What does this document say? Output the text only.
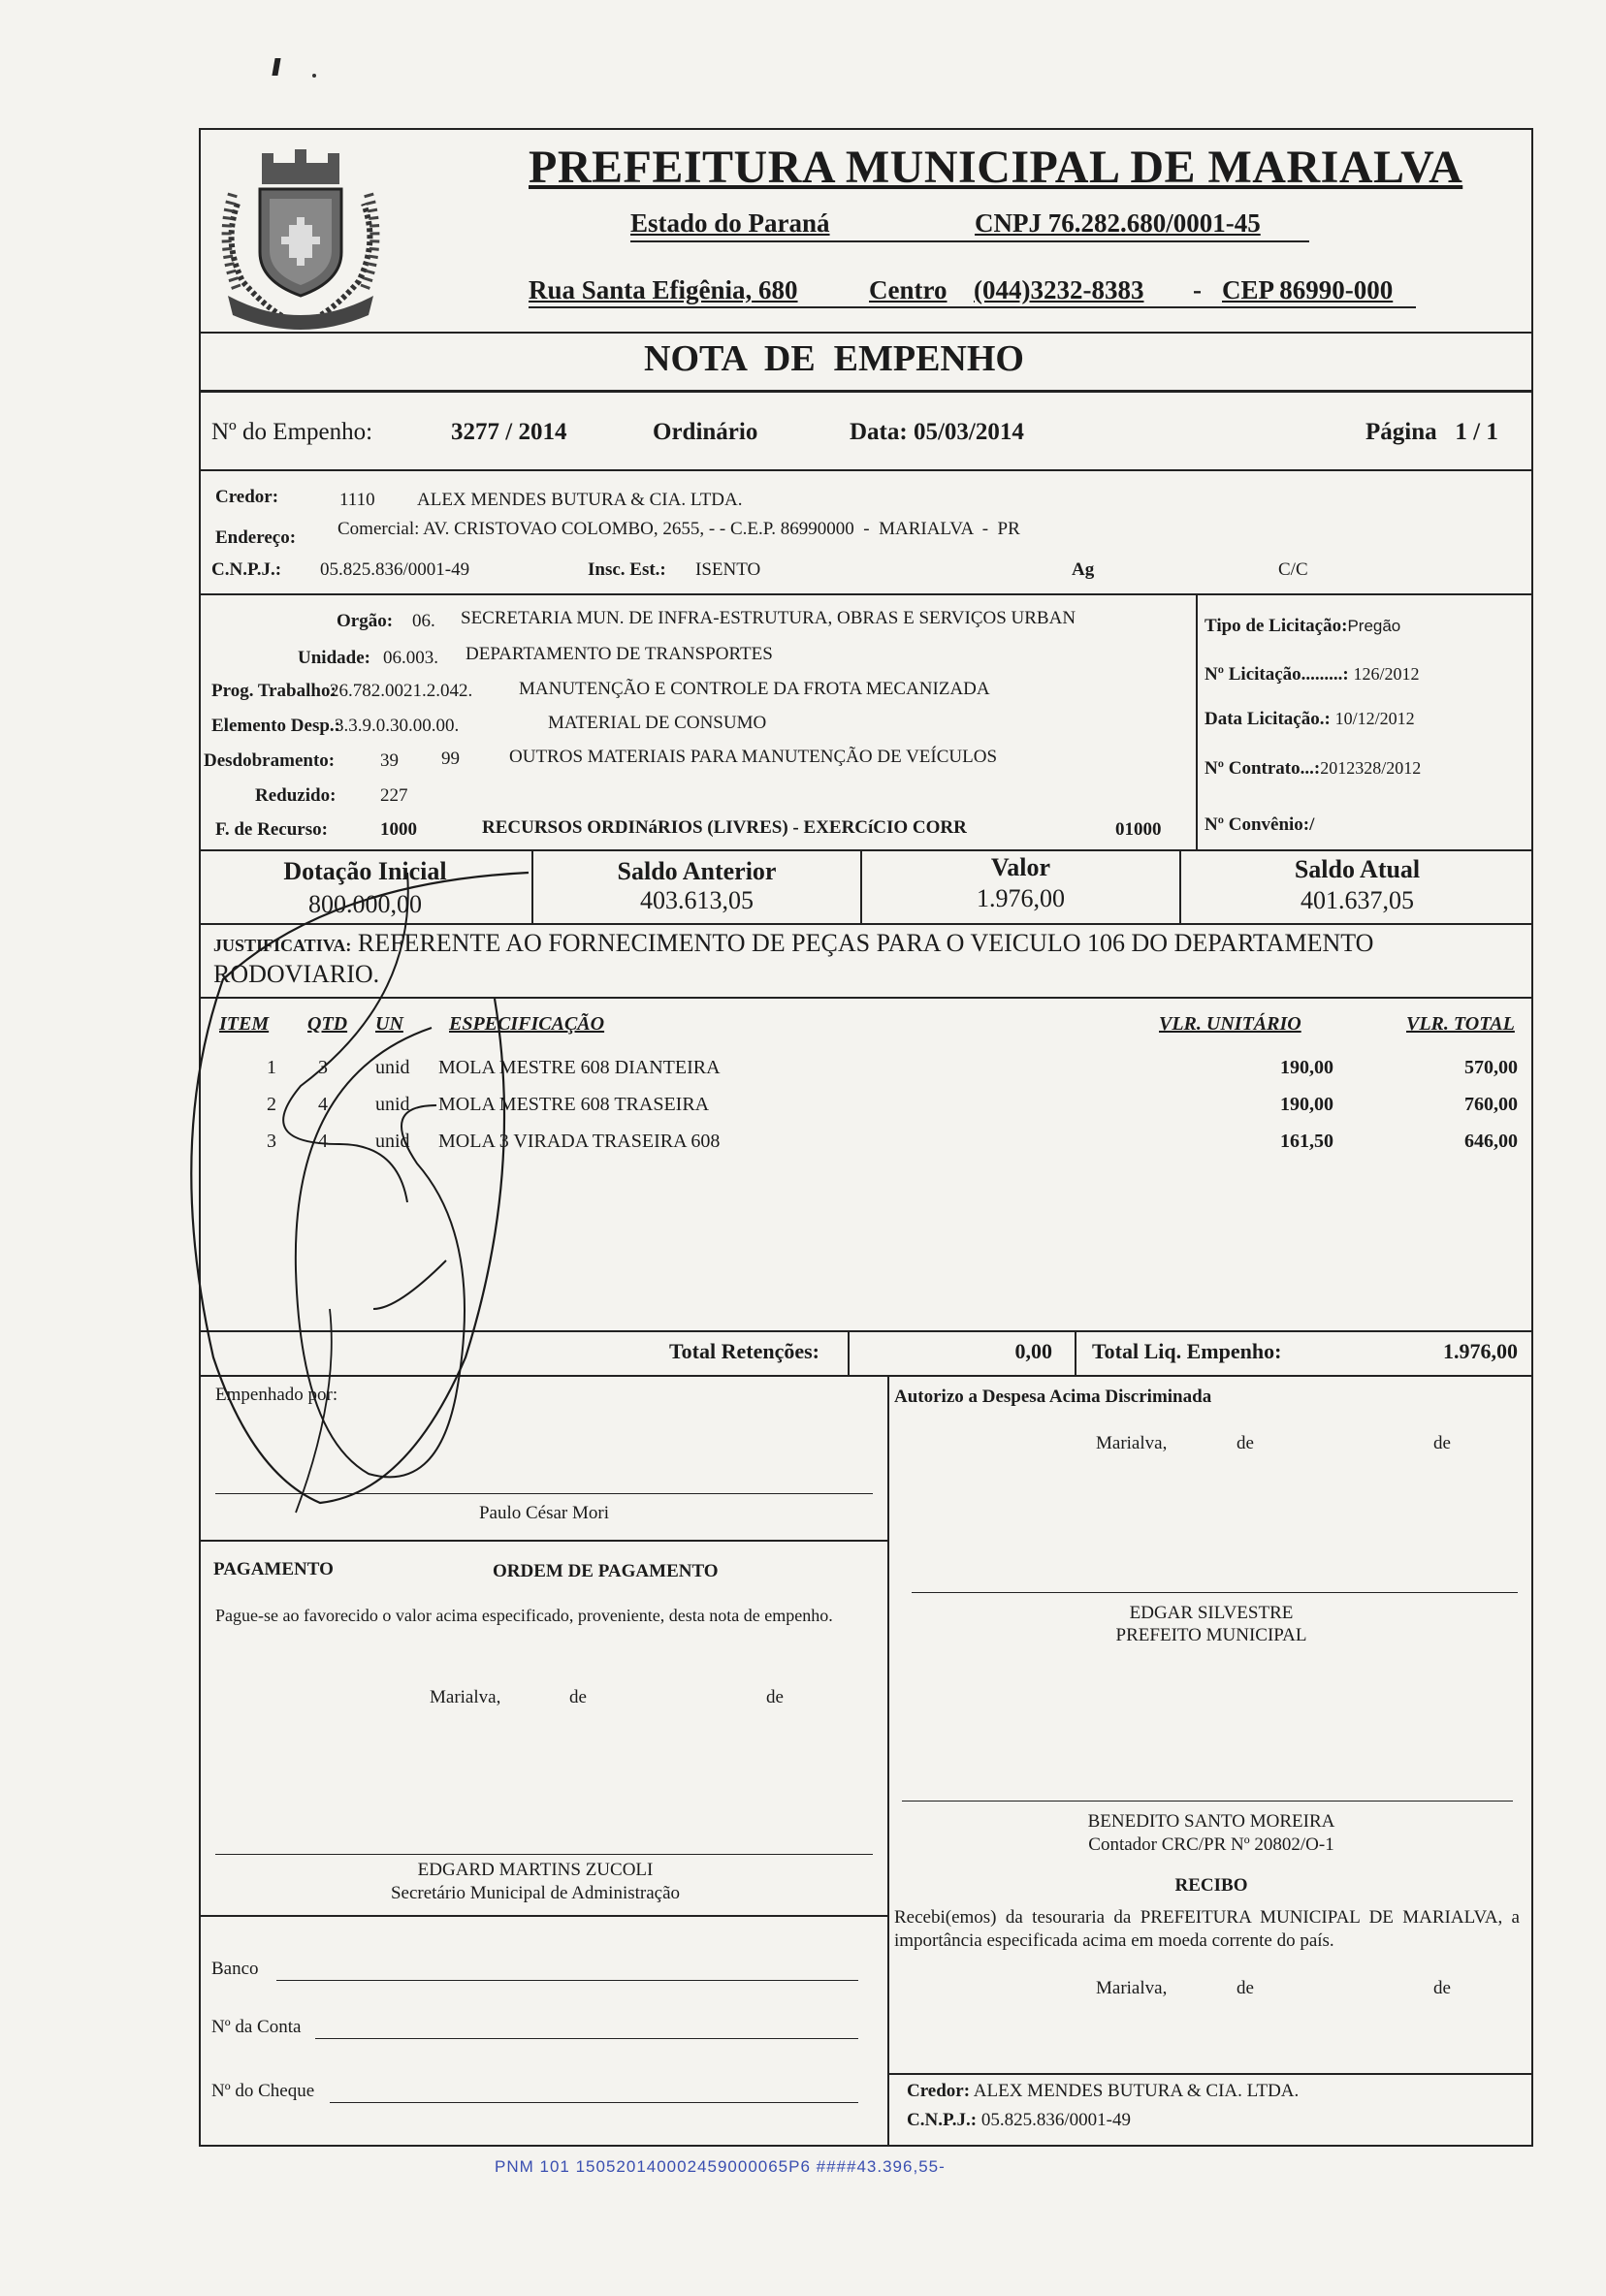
PREFEITURA MUNICIPAL DE MARIALVA
Estado do Paraná	CNPJ 76.282.680/0001-45
Rua Santa Efigênia, 680	Centro (044)3232-8383 - CEP 86990-000
NOTA  DE  EMPENHO
Nº do Empenho:	3277 / 2014	Ordinário	Data: 05/03/2014	Página   1 / 1
Credor:	1110 ALEX MENDES BUTURA & CIA. LTDA.
Endereço: Comercial: AV. CRISTOVAO COLOMBO, 2655, - - C.E.P. 86990000  -  MARIALVA  -  PR
C.N.P.J.: 05.825.836/0001-49	Insc. Est.: ISENTO	Ag	C/C
Orgão: 06. SECRETARIA MUN. DE INFRA-ESTRUTURA, OBRAS E SERVIÇOS URBAN
Unidade: 06.003. DEPARTAMENTO DE TRANSPORTES
Prog. Trabalho:
26.782.0021.2.042.	MANUTENÇÃO E CONTROLE DA FROTA MECANIZADA
Elemento Desp.:
3.3.9.0.30.00.00.	MATERIAL DE CONSUMO
Desdobramento: 39 99	OUTROS MATERIAIS PARA MANUTENÇÃO DE VEÍCULOS
Reduzido: 227
F. de Recurso:	1000	RECURSOS ORDINáRIOS (LIVRES) - EXERCíCIO CORR	01000
Tipo de Licitação:Pregão
Nº Licitação.........: 126/2012
Data Licitação.: 10/12/2012
Nº Contrato...:2012328/2012
Nº Convênio:/
Dotação Inicial
800.000,00
Saldo Anterior
403.613,05
Valor
1.976,00
Saldo Atual
401.637,05
JUSTIFICATIVA: REFERENTE AO FORNECIMENTO DE PEÇAS PARA O VEICULO 106 DO DEPARTAMENTO
RODOVIARIO.
ITEM QTD UN ESPECIFICAÇÃO	VLR. UNITÁRIO	VLR. TOTAL
1 3 unid MOLA MESTRE 608 DIANTEIRA	190,00	570,00
2 4 unid MOLA MESTRE 608 TRASEIRA	190,00	760,00
3 4 unid MOLA 3 VIRADA TRASEIRA 608	161,50	646,00
Total Retenções:	0,00 Total Liq. Empenho:	1.976,00
Empenhado por:
Paulo César Mori
Autorizo a Despesa Acima Discriminada
Marialva,	de	de
PAGAMENTO	ORDEM DE PAGAMENTO
Pague-se ao favorecido o valor acima especificado, proveniente, desta nota de empenho.
Marialva,	de	de
EDGARD MARTINS ZUCOLI
Secretário Municipal de Administração
Banco
Nº da Conta
Nº do Cheque
EDGAR SILVESTRE
PREFEITO MUNICIPAL
BENEDITO SANTO MOREIRA
Contador CRC/PR Nº 20802/O-1
RECIBO
Recebi(emos) da tesouraria da PREFEITURA MUNICIPAL DE MARIALVA, a importância especificada acima em moeda corrente do país.
Marialva,	de	de
Credor: ALEX MENDES BUTURA & CIA. LTDA.
C.N.P.J.: 05.825.836/0001-49
PNM 101 150520140002459000065P6 ####43.396,55-
